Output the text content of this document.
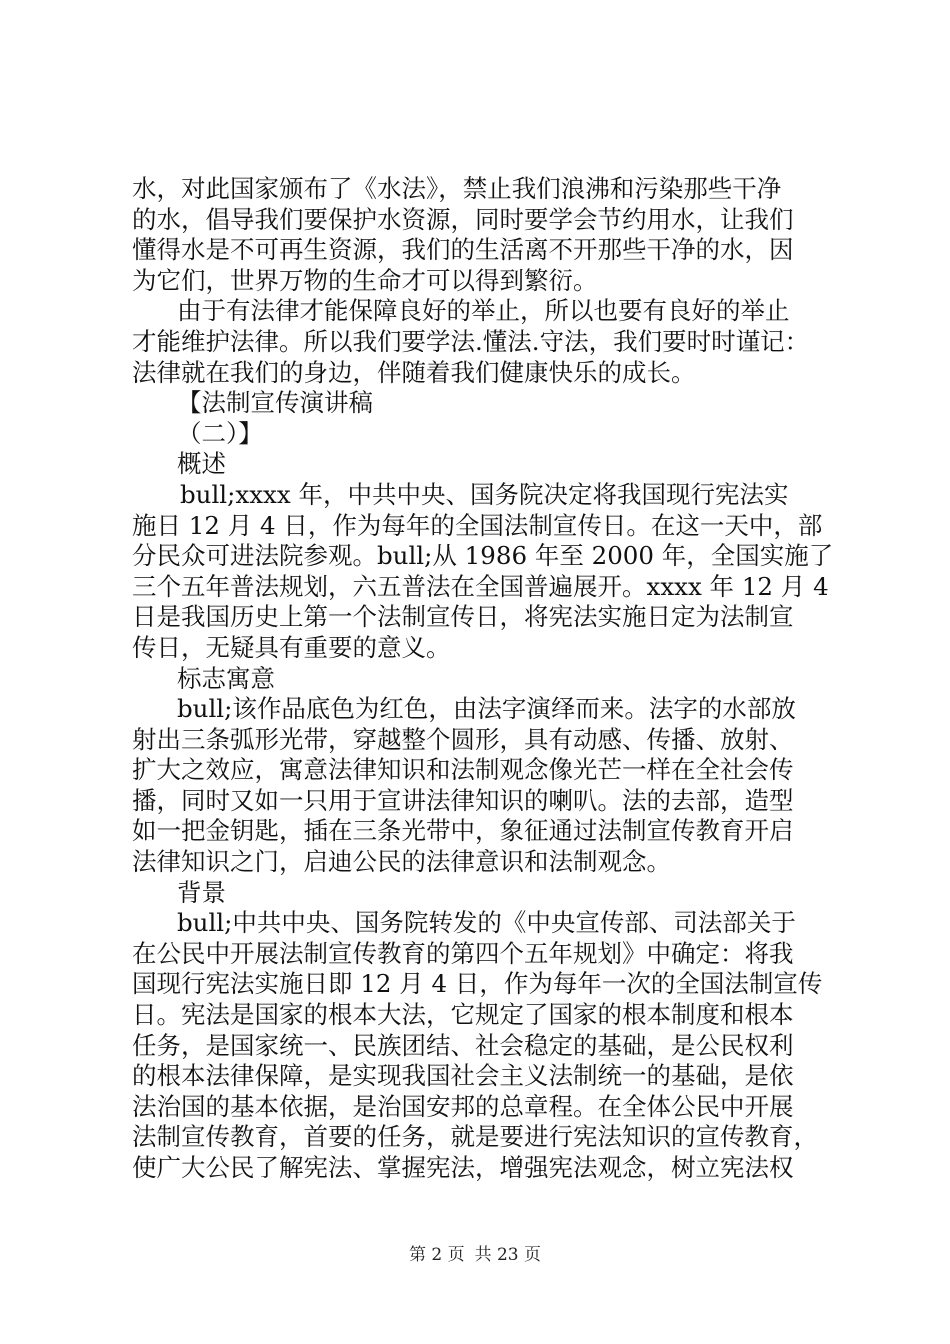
水，对此国家颁布了《水法》，禁止我们浪沸和污染那些干净
的水，倡导我们要保护水资源，同时要学会节约用水，让我们
懂得水是不可再生资源，我们的生活离不开那些干净的水，因
为它们，世界万物的生命才可以得到繁衍。
由于有法律才能保障良好的举止，所以也要有良好的举止
才能维护法律。所以我们要学法.懂法.守法，我们要时时谨记：
法律就在我们的身边，伴随着我们健康快乐的成长。
【法制宣传演讲稿
（二）】
概述
bull;xxxx 年，中共中央、国务院决定将我国现行宪法实
施日 12 月 4 日，作为每年的全国法制宣传日。在这一天中，部
分民众可进法院参观。bull;从 1986 年至 2000 年，全国实施了
三个五年普法规划，六五普法在全国普遍展开。xxxx 年 12 月 4
日是我国历史上第一个法制宣传日，将宪法实施日定为法制宣
传日，无疑具有重要的意义。
标志寓意
bull;该作品底色为红色，由法字演绎而来。法字的水部放
射出三条弧形光带，穿越整个圆形，具有动感、传播、放射、
扩大之效应，寓意法律知识和法制观念像光芒一样在全社会传
播，同时又如一只用于宣讲法律知识的喇叭。法的去部，造型
如一把金钥匙，插在三条光带中，象征通过法制宣传教育开启
法律知识之门，启迪公民的法律意识和法制观念。
背景
bull;中共中央、国务院转发的《中央宣传部、司法部关于
在公民中开展法制宣传教育的第四个五年规划》中确定：将我
国现行宪法实施日即 12 月 4 日，作为每年一次的全国法制宣传
日。宪法是国家的根本大法，它规定了国家的根本制度和根本
任务，是国家统一、民族团结、社会稳定的基础，是公民权利
的根本法律保障，是实现我国社会主义法制统一的基础，是依
法治国的基本依据，是治国安邦的总章程。在全体公民中开展
法制宣传教育，首要的任务，就是要进行宪法知识的宣传教育，
使广大公民了解宪法、掌握宪法，增强宪法观念，树立宪法权
第 2 页 共 23 页
